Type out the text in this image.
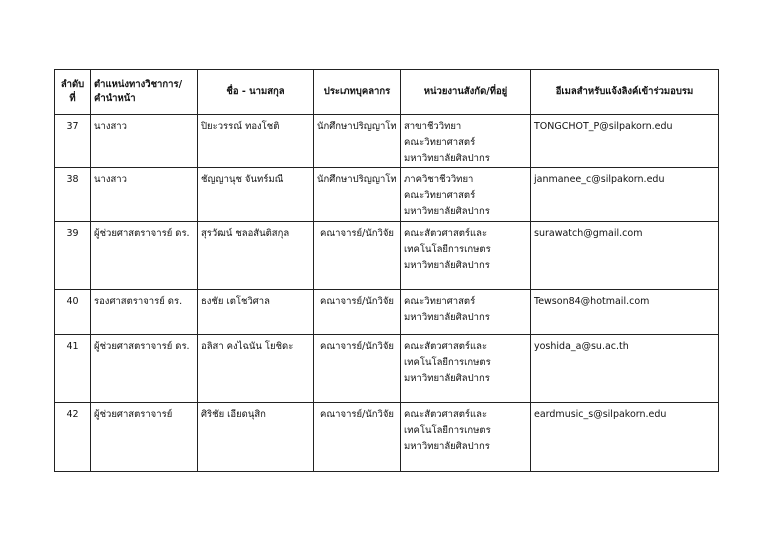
ลำดับที่	ตำแหน่งทางวิชาการ/คำนำหน้า	ชื่อ - นามสกุล	ประเภทบุคลากร	หน่วยงานสังกัด/ที่อยู่	อีเมลสำหรับแจ้งลิงค์เข้าร่วมอบรม
37	นางสาว	ปิยะวรรณ์ ทองโชติ	นักศึกษาปริญญาโท	สาขาชีววิทยา
คณะวิทยาศาสตร์
มหาวิทยาลัยศิลปากร	TONGCHOT_P@silpakorn.edu
38	นางสาว	ชัญญานุช จันทร์มณี	นักศึกษาปริญญาโท	ภาควิชาชีววิทยา
คณะวิทยาศาสตร์
มหาวิทยาลัยศิลปากร	janmanee_c@silpakorn.edu
39	ผู้ช่วยศาสตราจารย์ ดร.	สุรวัฒน์ ชลอสันติสกุล	คณาจารย์/นักวิจัย	คณะสัตวศาสตร์และ
เทคโนโลยีการเกษตร
มหาวิทยาลัยศิลปากร	surawatch@gmail.com
40	รองศาสตราจารย์ ดร.	ธงชัย เตโชวิศาล	คณาจารย์/นักวิจัย	คณะวิทยาศาสตร์
มหาวิทยาลัยศิลปากร	Tewson84@hotmail.com
41	ผู้ช่วยศาสตราจารย์ ดร.	อลิสา คงไฉนัน โยชิดะ	คณาจารย์/นักวิจัย	คณะสัตวศาสตร์และ
เทคโนโลยีการเกษตร
มหาวิทยาลัยศิลปากร	yoshida_a@su.ac.th
42	ผู้ช่วยศาสตราจารย์	ศิริชัย เอียดนุสิก	คณาจารย์/นักวิจัย	คณะสัตวศาสตร์และ
เทคโนโลยีการเกษตร
มหาวิทยาลัยศิลปากร	eardmusic_s@silpakorn.edu
